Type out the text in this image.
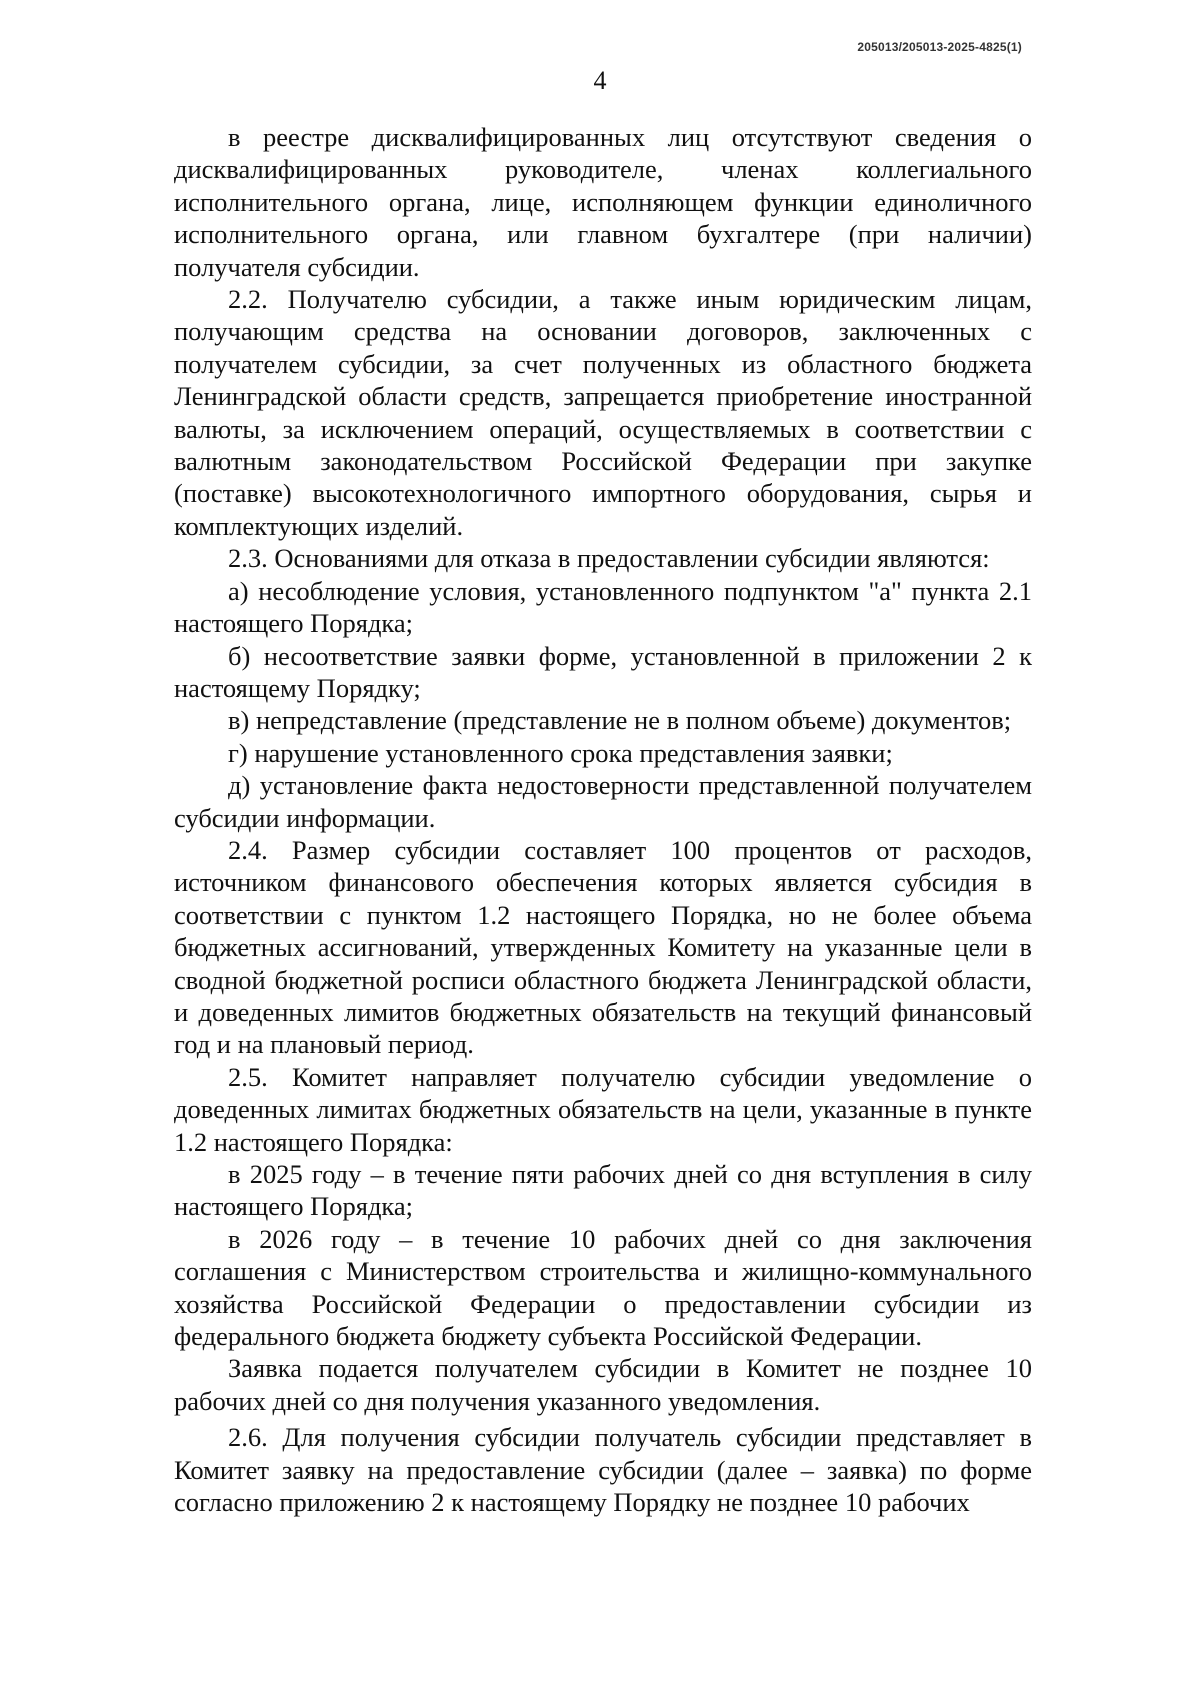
205013/205013-2025-4825(1)
4

в реестре дисквалифицированных лиц отсутствуют сведения о дисквалифицированных руководителе, членах коллегиального исполнительного органа, лице, исполняющем функции единоличного исполнительного органа, или главном бухгалтере (при наличии) получателя субсидии.

2.2. Получателю субсидии, а также иным юридическим лицам, получающим средства на основании договоров, заключенных с получателем субсидии, за счет полученных из областного бюджета Ленинградской области средств, запрещается приобретение иностранной валюты, за исключением операций, осуществляемых в соответствии с валютным законодательством Российской Федерации при закупке (поставке) высокотехнологичного импортного оборудования, сырья и комплектующих изделий.

2.3. Основаниями для отказа в предоставлении субсидии являются:

а) несоблюдение условия, установленного подпунктом "а" пункта 2.1 настоящего Порядка;

б) несоответствие заявки форме, установленной в приложении 2 к настоящему Порядку;

в) непредставление (представление не в полном объеме) документов;

г) нарушение установленного срока представления заявки;

д) установление факта недостоверности представленной получателем субсидии информации.

2.4. Размер субсидии составляет 100 процентов от расходов, источником финансового обеспечения которых является субсидия в соответствии с пунктом 1.2 настоящего Порядка, но не более объема бюджетных ассигнований, утвержденных Комитету на указанные цели в сводной бюджетной росписи областного бюджета Ленинградской области, и доведенных лимитов бюджетных обязательств на текущий финансовый год и на плановый период.

2.5. Комитет направляет получателю субсидии уведомление о доведенных лимитах бюджетных обязательств на цели, указанные в пункте 1.2 настоящего Порядка:

в 2025 году – в течение пяти рабочих дней со дня вступления в силу настоящего Порядка;

в 2026 году – в течение 10 рабочих дней со дня заключения соглашения с Министерством строительства и жилищно-коммунального хозяйства Российской Федерации о предоставлении субсидии из федерального бюджета бюджету субъекта Российской Федерации.

Заявка подается получателем субсидии в Комитет не позднее 10 рабочих дней со дня получения указанного уведомления.

2.6. Для получения субсидии получатель субсидии представляет в Комитет заявку на предоставление субсидии (далее – заявка) по форме согласно приложению 2 к настоящему Порядку не позднее 10 рабочих
